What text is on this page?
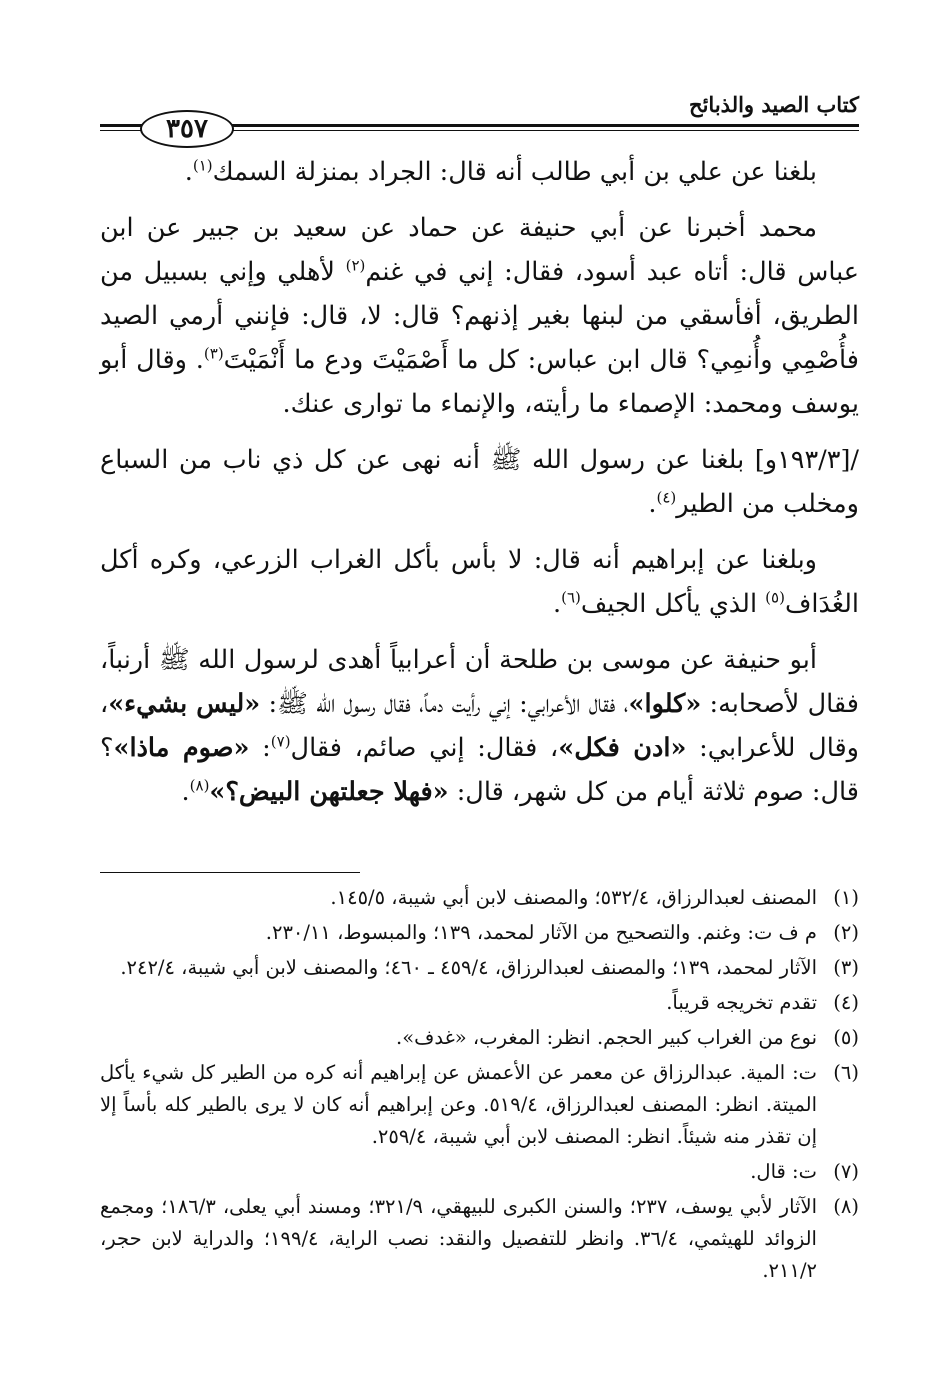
كتاب الصيد والذبائح
٣٥٧

بلغنا عن علي بن أبي طالب أنه قال: الجراد بمنزلة السمك$^{(١)}$.

محمد أخبرنا عن أبي حنيفة عن حماد عن سعيد بن جبير عن ابن عباس قال: أتاه عبد أسود، فقال: إني في غنم$^{(٢)}$ لأهلي وإني بسبيل من الطريق، أفأسقي من لبنها بغير إذنهم؟ قال: لا، قال: فإنني أرمي الصيد فأُصْمِي وأُنمِي؟ قال ابن عباس: كل ما أَصْمَيْتَ ودع ما أَنْمَيْتَ$^{(٣)}$. وقال أبو يوسف ومحمد: الإصماء ما رأيته، والإنماء ما توارى عنك.

/[١٩٣/٣و] بلغنا عن رسول الله ﷺ أنه نهى عن كل ذي ناب من السباع ومخلب من الطير$^{(٤)}$.

وبلغنا عن إبراهيم أنه قال: لا بأس بأكل الغراب الزرعي، وكره أكل الغُدَاف$^{(٥)}$ الذي يأكل الجيف$^{(٦)}$.

أبو حنيفة عن موسى بن طلحة أن أعرابياً أهدى لرسول الله ﷺ أرنباً، فقال لأصحابه: «كلوا»، فقال الأعرابي: إني رأيت دماً، فقال رسول الله ﷺ: «ليس بشيء»، وقال للأعرابي: «ادن فكل»، فقال: إني صائم، فقال$^{(٧)}$: «صوم ماذا»؟ قال: صوم ثلاثة أيام من كل شهر، قال: «فهلا جعلتهن البيض؟»$^{(٨)}$.

(١)
المصنف لعبدالرزاق، ٥٣٢/٤؛ والمصنف لابن أبي شيبة، ١٤٥/٥.
(٢)
م ف ت: وغنم. والتصحيح من الآثار لمحمد، ١٣٩؛ والمبسوط، ٢٣٠/١١.
(٣)
الآثار لمحمد، ١٣٩؛ والمصنف لعبدالرزاق، ٤٥٩/٤ ـ ٤٦٠؛ والمصنف لابن أبي شيبة، ٢٤٢/٤.
(٤)
تقدم تخريجه قريباً.
(٥)
نوع من الغراب كبير الحجم. انظر: المغرب، «غدف».
(٦)
ت: المية. عبدالرزاق عن معمر عن الأعمش عن إبراهيم أنه كره من الطير كل شيء يأكل الميتة. انظر: المصنف لعبدالرزاق، ٥١٩/٤. وعن إبراهيم أنه كان لا يرى بالطير كله بأساً إلا إن تقذر منه شيئاً. انظر: المصنف لابن أبي شيبة، ٢٥٩/٤.
(٧)
ت: قال.
(٨)
الآثار لأبي يوسف، ٢٣٧؛ والسنن الكبرى للبيهقي، ٣٢١/٩؛ ومسند أبي يعلى، ١٨٦/٣؛ ومجمع الزوائد للهيثمي، ٣٦/٤. وانظر للتفصيل والنقد: نصب الراية، ١٩٩/٤؛ والدراية لابن حجر، ٢١١/٢.
